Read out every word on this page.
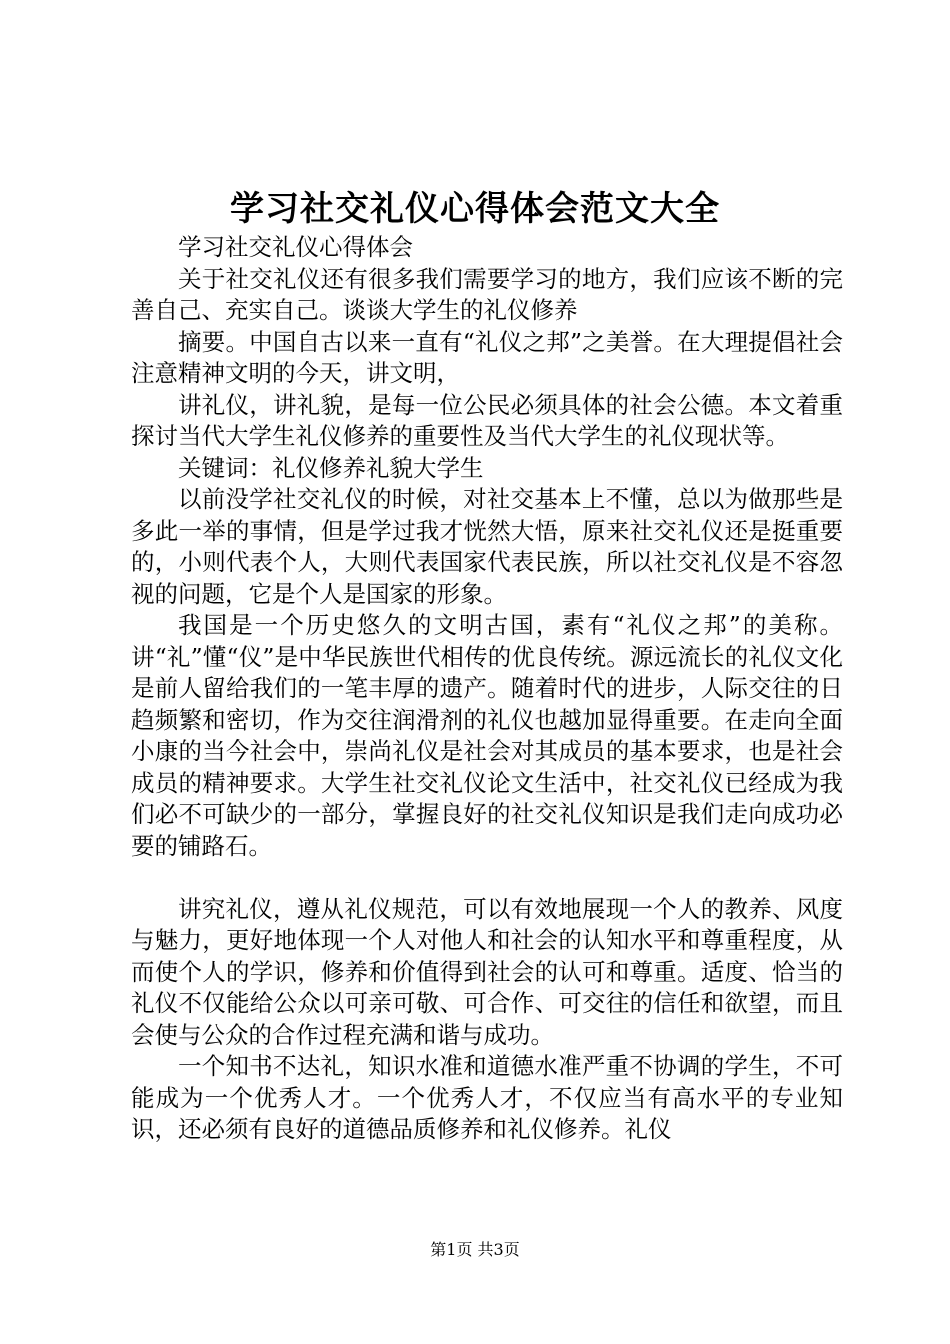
学习社交礼仪心得体会范文大全

学习社交礼仪心得体会

关于社交礼仪还有很多我们需要学习的地方，我们应该不断的完善自己、充实自己。谈谈大学生的礼仪修养

摘要。中国自古以来一直有“礼仪之邦”之美誉。在大理提倡社会注意精神文明的今天，讲文明，

讲礼仪，讲礼貌，是每一位公民必须具体的社会公德。本文着重探讨当代大学生礼仪修养的重要性及当代大学生的礼仪现状等。

关键词：礼仪修养礼貌大学生

以前没学社交礼仪的时候，对社交基本上不懂，总以为做那些是多此一举的事情，但是学过我才恍然大悟，原来社交礼仪还是挺重要的，小则代表个人，大则代表国家代表民族，所以社交礼仪是不容忽视的问题，它是个人是国家的形象。

我国是一个历史悠久的文明古国，素有“礼仪之邦”的美称。讲“礼”懂“仪”是中华民族世代相传的优良传统。源远流长的礼仪文化是前人留给我们的一笔丰厚的遗产。随着时代的进步，人际交往的日趋频繁和密切，作为交往润滑剂的礼仪也越加显得重要。在走向全面小康的当今社会中，崇尚礼仪是社会对其成员的基本要求，也是社会成员的精神要求。大学生社交礼仪论文生活中，社交礼仪已经成为我们必不可缺少的一部分，掌握良好的社交礼仪知识是我们走向成功必要的铺路石。

讲究礼仪，遵从礼仪规范，可以有效地展现一个人的教养、风度与魅力，更好地体现一个人对他人和社会的认知水平和尊重程度，从而使个人的学识，修养和价值得到社会的认可和尊重。适度、恰当的礼仪不仅能给公众以可亲可敬、可合作、可交往的信任和欲望，而且会使与公众的合作过程充满和谐与成功。

一个知书不达礼，知识水准和道德水准严重不协调的学生，不可能成为一个优秀人才。一个优秀人才，不仅应当有高水平的专业知识，还必须有良好的道德品质修养和礼仪修养。礼仪

第1页 共3页
